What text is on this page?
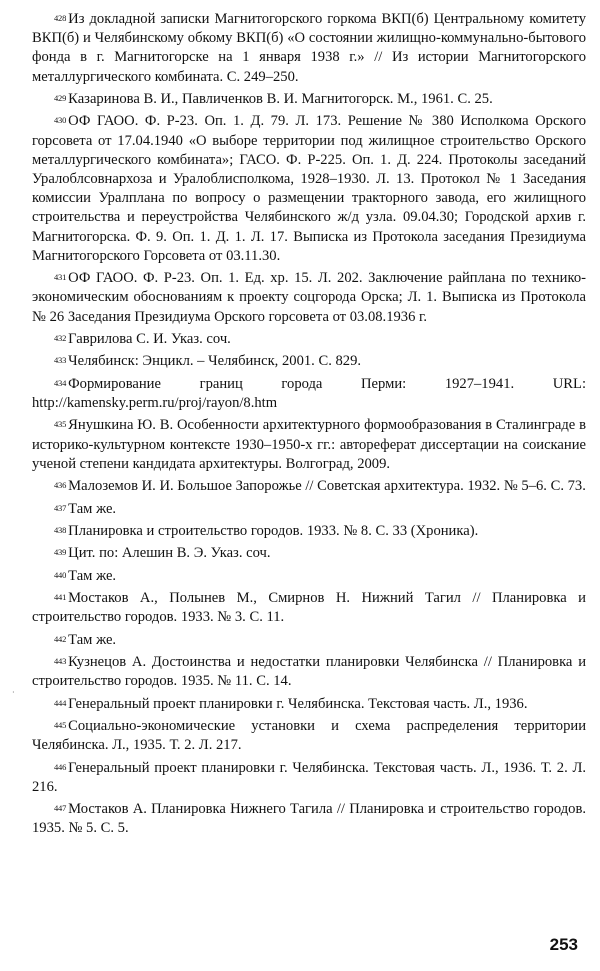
$^{428}$ Из докладной записки Магнитогорского горкома ВКП(б) Центральному комитету ВКП(б) и Челябинскому обкому ВКП(б) «О состоянии жилищно-коммунально-бытового фонда в г. Магнитогорске на 1 января 1938 г.» // Из истории Магнитогорского металлургического комбината. С. 249–250.

$^{429}$ Казаринова В. И., Павличенков В. И. Магнитогорск. М., 1961. С. 25.

$^{430}$ ОФ ГАОО. Ф. Р-23. Оп. 1. Д. 79. Л. 173. Решение № 380 Исполкома Орского горсовета от 17.04.1940 «О выборе территории под жилищное строительство Орского металлургического комбината»; ГАСО. Ф. Р-225. Оп. 1. Д. 224. Протоколы заседаний Уралоблсовнархоза и Уралоблисполкома, 1928–1930. Л. 13. Протокол № 1 Заседания комиссии Уралплана по вопросу о размещении тракторного завода, его жилищного строительства и переустройства Челябинского ж/д узла. 09.04.30; Городской архив г. Магнитогорска. Ф. 9. Оп. 1. Д. 1. Л. 17. Выписка из Протокола заседания Президиума Магнитогорского Горсовета от 03.11.30.

$^{431}$ ОФ ГАОО. Ф. Р-23. Оп. 1. Ед. хр. 15. Л. 202. Заключение райплана по технико-экономическим обоснованиям к проекту соцгорода Орска; Л. 1. Выписка из Протокола № 26 Заседания Президиума Орского горсовета от 03.08.1936 г.

$^{432}$ Гаврилова С. И. Указ. соч.

$^{433}$ Челябинск: Энцикл. – Челябинск, 2001. С. 829.

$^{434}$ Формирование границ города Перми: 1927–1941. URL: http://kamensky.perm.ru/proj/rayon/8.htm

$^{435}$ Янушкина Ю. В. Особенности архитектурного формообразования в Сталинграде в историко-культурном контексте 1930–1950-х гг.: автореферат диссертации на соискание ученой степени кандидата архитектуры. Волгоград, 2009.

$^{436}$ Малоземов И. И. Большое Запорожье // Советская архитектура. 1932. № 5–6. С. 73.

$^{437}$ Там же.

$^{438}$ Планировка и строительство городов. 1933. № 8. С. 33 (Хроника).

$^{439}$ Цит. по: Алешин В. Э. Указ. соч.

$^{440}$ Там же.

$^{441}$ Мостаков А., Полынев М., Смирнов Н. Нижний Тагил // Планировка и строительство городов. 1933. № 3. С. 11.

$^{442}$ Там же.

$^{443}$ Кузнецов А. Достоинства и недостатки планировки Челябинска // Планировка и строительство городов. 1935. № 11. С. 14.

$^{444}$ Генеральный проект планировки г. Челябинска. Текстовая часть. Л., 1936.

$^{445}$ Социально-экономические установки и схема распределения территории Челябинска. Л., 1935. Т. 2. Л. 217.

$^{446}$ Генеральный проект планировки г. Челябинска. Текстовая часть. Л., 1936. Т. 2. Л. 216.

$^{447}$ Мостаков А. Планировка Нижнего Тагила // Планировка и строительство городов. 1935. № 5. С. 5.

·
253
